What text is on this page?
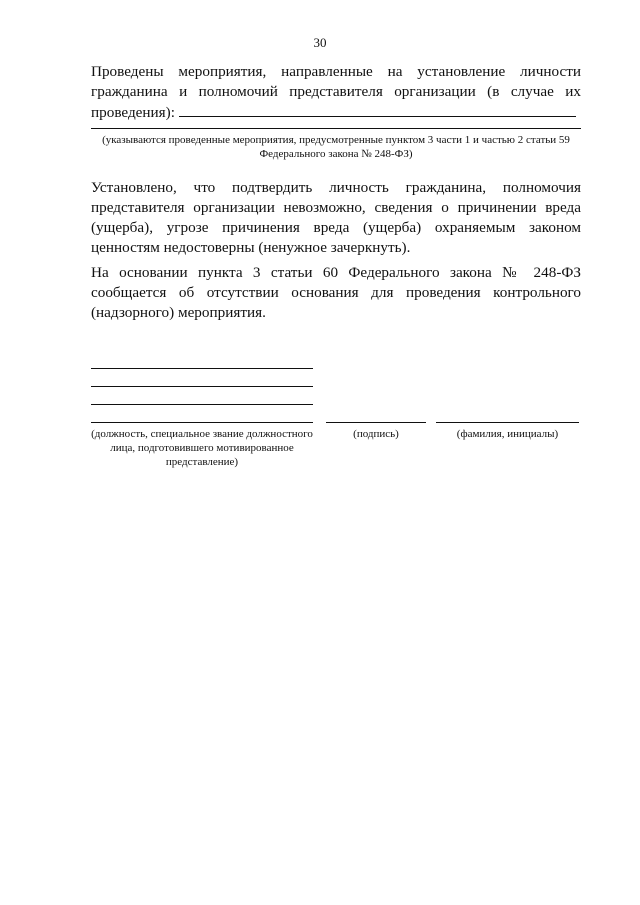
30
Проведены мероприятия, направленные на установление личности гражданина и полномочий представителя организации (в случае их проведения):
(указываются проведенные мероприятия, предусмотренные пунктом 3 части 1 и частью 2 статьи 59 Федерального закона № 248-ФЗ)
Установлено, что подтвердить личность гражданина, полномочия представителя организации невозможно, сведения о причинении вреда (ущерба), угрозе причинения вреда (ущерба) охраняемым законом ценностям недостоверны (ненужное зачеркнуть).
На основании пункта 3 статьи 60 Федерального закона № 248-ФЗ сообщается об отсутствии основания для проведения контрольного (надзорного) мероприятия.
(должность, специальное звание должностного лица, подготовившего мотивированное представление)
(подпись)	(фамилия, инициалы)
